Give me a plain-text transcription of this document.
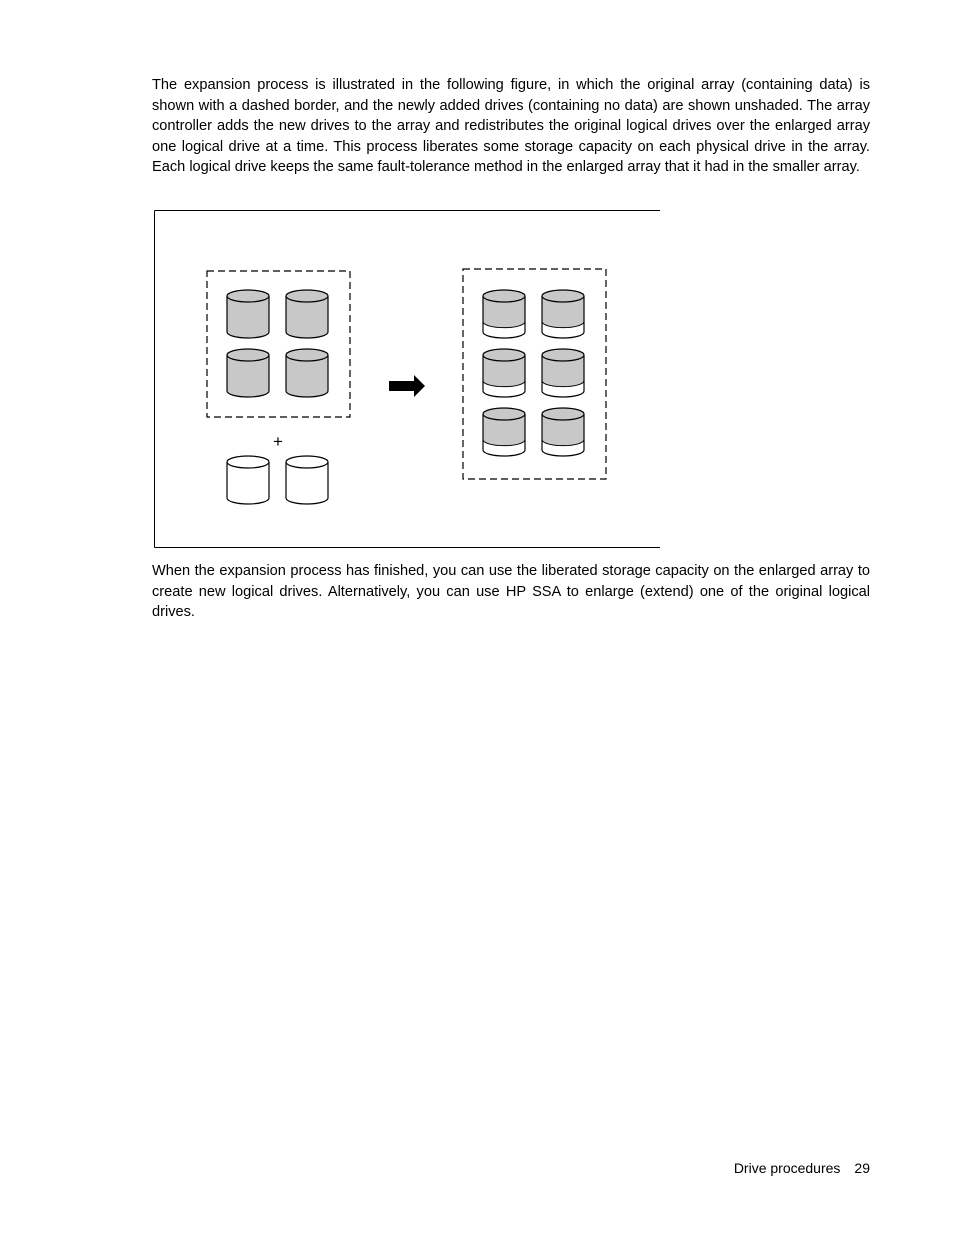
The expansion process is illustrated in the following figure, in which the original array (containing data) is shown with a dashed border, and the newly added drives (containing no data) are shown unshaded. The array controller adds the new drives to the array and redistributes the original logical drives over the enlarged array one logical drive at a time. This process liberates some storage capacity on each physical drive in the array. Each logical drive keeps the same fault-tolerance method in the enlarged array that it had in the smaller array.

+

When the expansion process has finished, you can use the liberated storage capacity on the enlarged array to create new logical drives. Alternatively, you can use HP SSA to enlarge (extend) one of the original logical drives.

Drive procedures 29
